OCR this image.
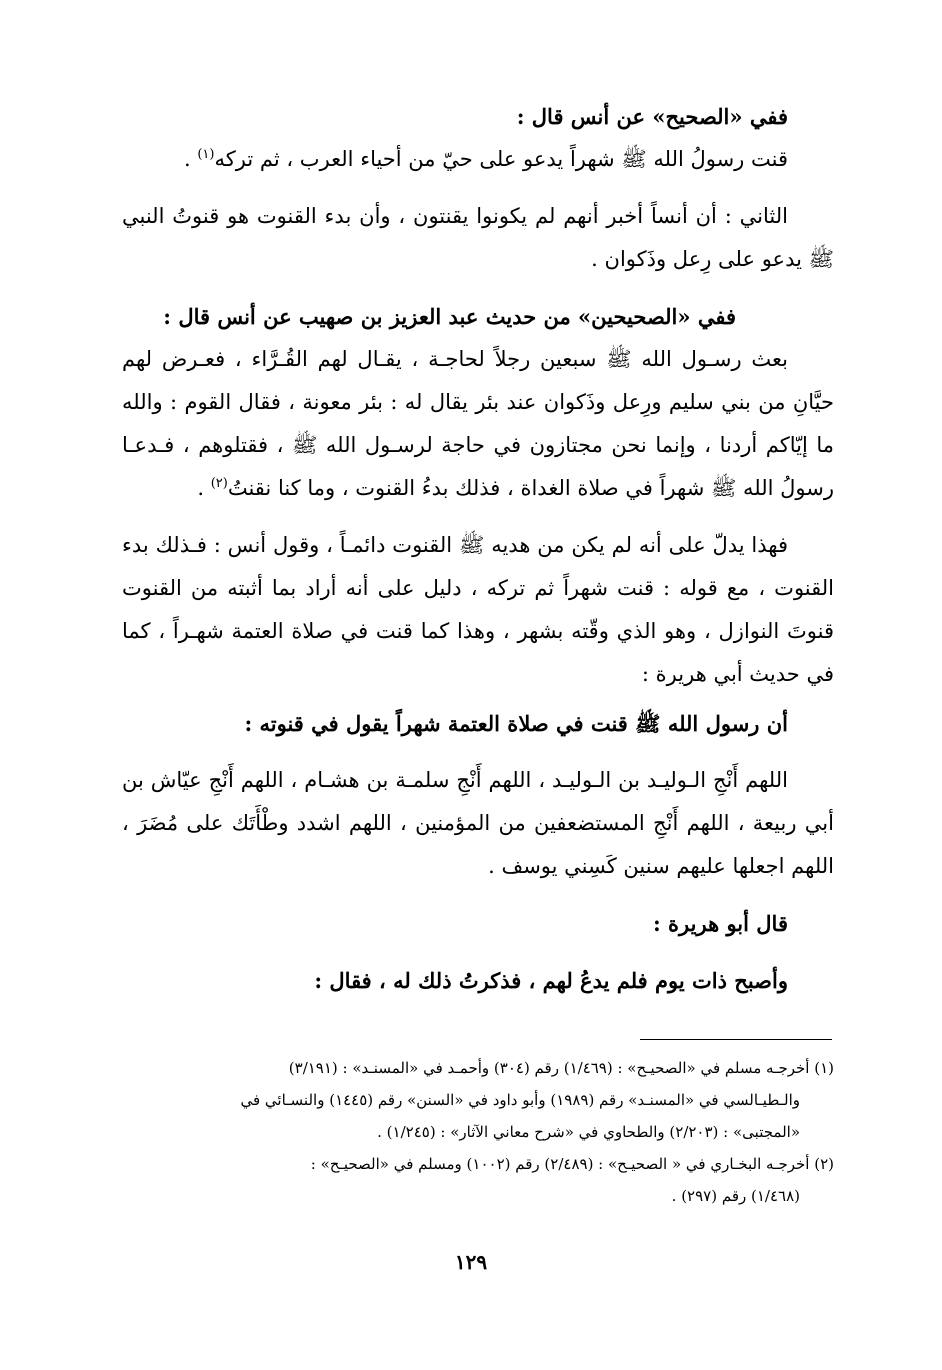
ففي «الصحيح» عن أنس قال :

قنت رسولُ الله ﷺ شهراً يدعو على حيّ من أحياء العرب ، ثم تركه$^{(١)}$ .

الثاني : أن أنساً أخبر أنهم لم يكونوا يقنتون ، وأن بدء القنوت هو قنوتُ النبي ﷺ يدعو على رِعل وذَكوان .

ففي «الصحيحين» من حديث عبد العزيز بن صهيب عن أنس قال :

بعث رسـول الله ﷺ سبعين رجلاً لحاجـة ، يقـال لهم القُـرَّاء ، فعـرض لهم حيَّانِ من بني سليم ورِعل وذَكوان عند بئر يقال له : بئر معونة ، فقال القوم : والله ما إيّاكم أردنا ، وإنما نحن مجتازون في حاجة لرسـول الله ﷺ ، فقتلوهم ، فـدعـا رسولُ الله ﷺ شهراً في صلاة الغداة ، فذلك بدءُ القنوت ، وما كنا نقنتُ$^{(٢)}$ .

فهذا يدلّ على أنه لم يكن من هديه ﷺ القنوت دائمـاً ، وقول أنس : فـذلك بدء القنوت ، مع قوله : قنت شهراً ثم تركه ، دليل على أنه أراد بما أثبته من القنوت قنوتَ النوازل ، وهو الذي وقّته بشهر ، وهذا كما قنت في صلاة العتمة شهـراً ، كما في حديث أبي هريرة :

أن رسول الله ﷺ قنت في صلاة العتمة شهراً يقول في قنوته :

اللهم أَنْجِ الـوليـد بن الـوليـد ، اللهم أَنْجِ سلمـة بن هشـام ، اللهم أَنْجِ عيّاش بن أبي ربيعة ، اللهم أَنْجِ المستضعفين من المؤمنين ، اللهم اشدد وطْأَتَك على مُضَرَ ، اللهم اجعلها عليهم سنين كَسِني يوسف .

قال أبو هريرة :

وأصبح ذات يوم فلم يدعُ لهم ، فذكرتُ ذلك له ، فقال :

(١) أخرجـه مسلم في «الصحيـح» : (١/٤٦٩) رقم (٣٠٤) وأحمـد في «المسنـد» : (٣/١٩١)

والـطيـالسي في «المسنـد» رقم (١٩٨٩) وأبو داود في «السنن» رقم (١٤٤٥) والنسـائي في

«المجتبى» : (٢/٢٠٣) والطحاوي في «شرح معاني الآثار» : (١/٢٤٥) .

(٢) أخرجـه البخـاري في « الصحيـح» : (٢/٤٨٩) رقم (١٠٠٢) ومسلم في «الصحيـح» :

(١/٤٦٨) رقم (٢٩٧) .

١٢٩
